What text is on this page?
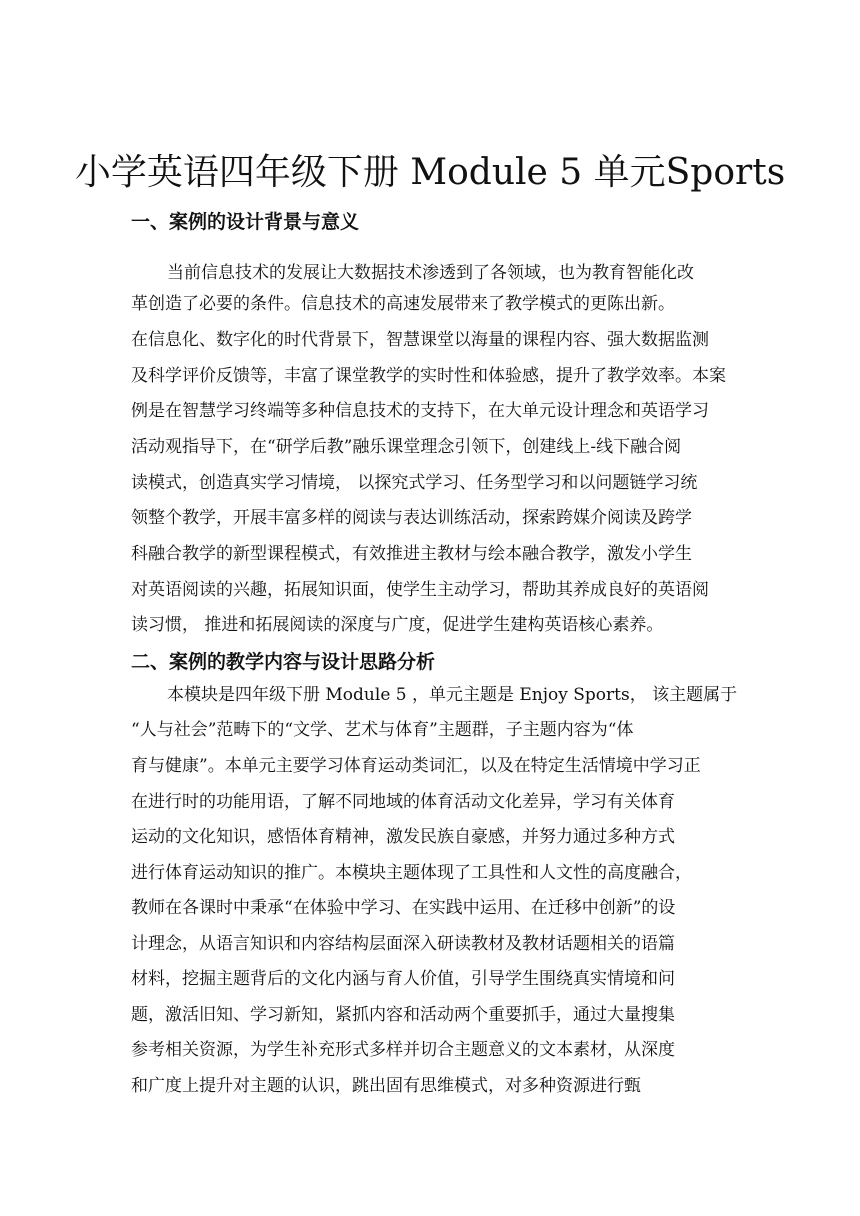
小学英语四年级下册 Module 5 单元Sports
一、案例的设计背景与意义

当前信息技术的发展让大数据技术渗透到了各领域，也为教育智能化改

革创造了必要的条件。信息技术的高速发展带来了教学模式的更陈出新。

在信息化、数字化的时代背景下，智慧课堂以海量的课程内容、强大数据监测

及科学评价反馈等，丰富了课堂教学的实时性和体验感，提升了教学效率。本案

例是在智慧学习终端等多种信息技术的支持下，在大单元设计理念和英语学习

活动观指导下，在“研学后教”融乐课堂理念引领下，创建线上-线下融合阅

读模式，创造真实学习情境， 以探究式学习、任务型学习和以问题链学习统

领整个教学，开展丰富多样的阅读与表达训练活动，探索跨媒介阅读及跨学

科融合教学的新型课程模式，有效推进主教材与绘本融合教学，激发小学生

对英语阅读的兴趣，拓展知识面，使学生主动学习，帮助其养成良好的英语阅

读习惯， 推进和拓展阅读的深度与广度，促进学生建构英语核心素养。

二、案例的教学内容与设计思路分析

本模块是四年级下册 Module 5 ，单元主题是 Enjoy Sports， 该主题属于

“人与社会”范畴下的“文学、艺术与体育”主题群，子主题内容为“体

育与健康”。本单元主要学习体育运动类词汇，以及在特定生活情境中学习正

在进行时的功能用语，了解不同地域的体育活动文化差异，学习有关体育

运动的文化知识，感悟体育精神，激发民族自豪感，并努力通过多种方式

进行体育运动知识的推广。本模块主题体现了工具性和人文性的高度融合，

教师在各课时中秉承“在体验中学习、在实践中运用、在迁移中创新”的设

计理念，从语言知识和内容结构层面深入研读教材及教材话题相关的语篇

材料，挖掘主题背后的文化内涵与育人价值，引导学生围绕真实情境和问

题，激活旧知、学习新知，紧抓内容和活动两个重要抓手，通过大量搜集

参考相关资源，为学生补充形式多样并切合主题意义的文本素材，从深度

和广度上提升对主题的认识，跳出固有思维模式，对多种资源进行甄
